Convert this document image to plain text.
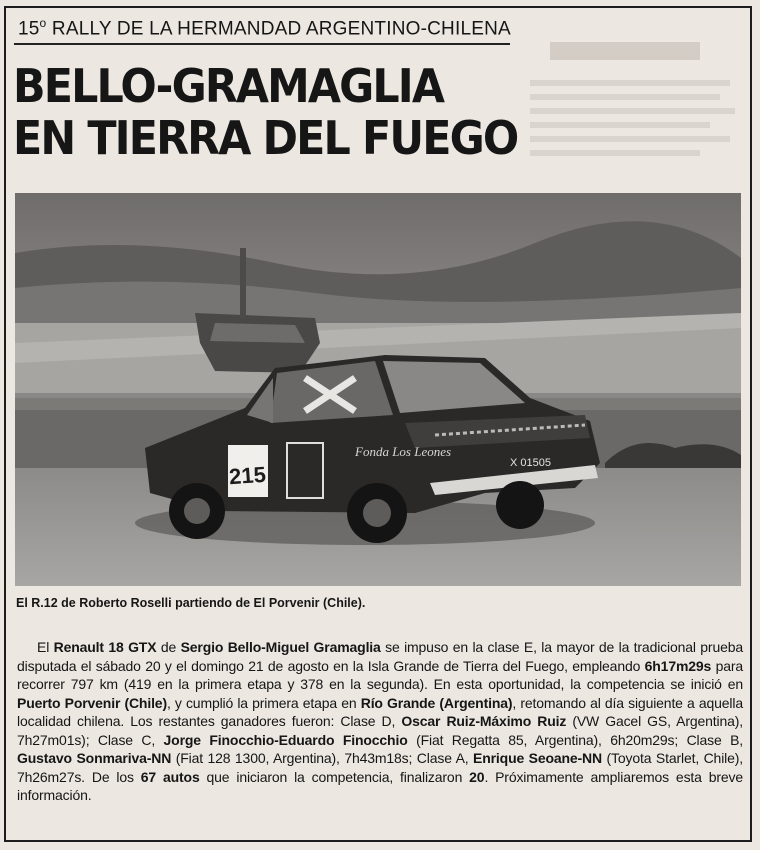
15$^o$ RALLY DE LA HERMANDAD ARGENTINO-CHILENA
BELLO-GRAMAGLIA
EN TIERRA DEL FUEGO
215
Fonda Los Leones
X 01505
El R.12 de Roberto Roselli partiendo de El Porvenir (Chile).
El Renault 18 GTX de Sergio Bello-Miguel Gramaglia se impuso en la clase E, la mayor de la tradicional prueba disputada el sábado 20 y el domingo 21 de agosto en la Isla Grande de Tierra del Fuego, empleando 6h17m29s para recorrer 797 km (419 en la primera etapa y 378 en la segunda). En esta oportunidad, la competencia se inició en Puerto Porvenir (Chile), y cumplió la primera etapa en Río Grande (Argentina), retomando al día siguiente a aquella localidad chilena. Los restantes ganadores fueron: Clase D, Oscar Ruiz-Máximo Ruiz (VW Gacel GS, Argentina), 7h27m01s); Clase C, Jorge Finocchio-Eduardo Finocchio (Fiat Regatta 85, Argentina), 6h20m29s; Clase B, Gustavo Sonmariva-NN (Fiat 128 1300, Argentina), 7h43m18s; Clase A, Enrique Seoane-NN (Toyota Starlet, Chile), 7h26m27s. De los 67 autos que iniciaron la competencia, finalizaron 20. Próximamente ampliaremos esta breve información.
